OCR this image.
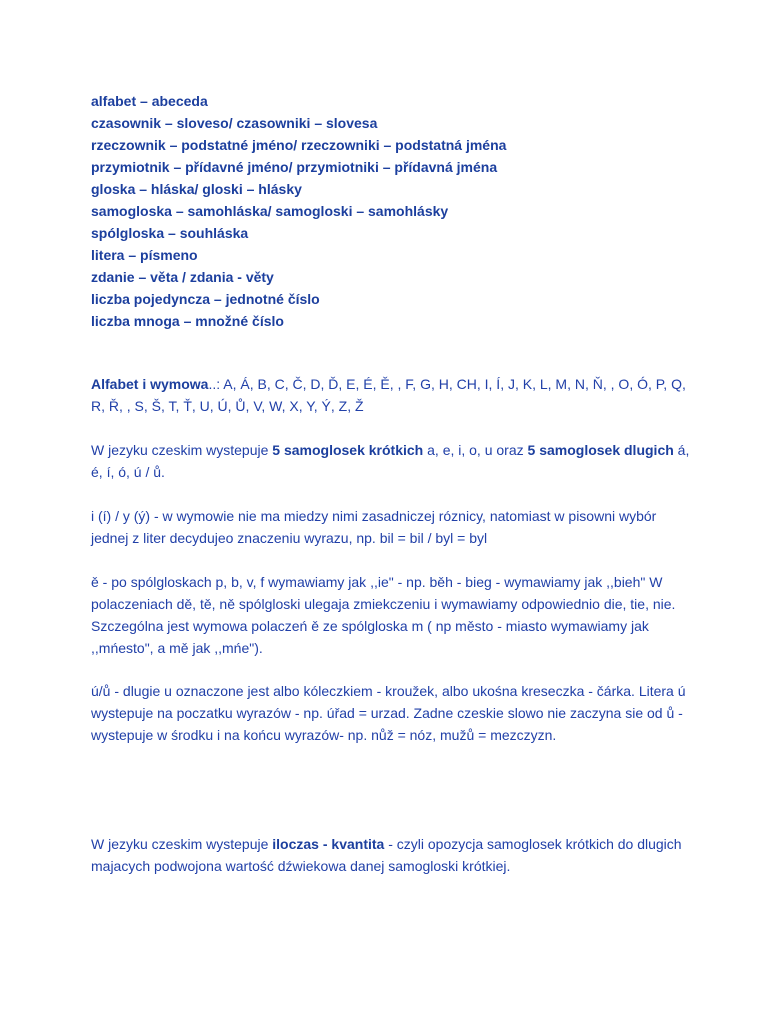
alfabet – abeceda
czasownik – sloveso/ czasowniki – slovesa
rzeczownik – podstatné jméno/ rzeczowniki – podstatná jména
przymiotnik – přídavné jméno/ przymiotniki – přídavná jména
gloska – hláska/ gloski – hlásky
samogloska – samohláska/ samogloski – samohlásky
spólgloska – souhláska
litera – písmeno
zdanie – věta / zdania - věty
liczba pojedyncza – jednotné číslo
liczba mnoga – množné číslo

Alfabet i wymowa..: A, Á, B, C, Č, D, Ď, E, É, Ě, , F, G, H, CH, I, Í, J, K, L, M, N, Ň, , O, Ó, P, Q, R, Ř, , S, Š, T, Ť, U, Ú, Ů, V, W, X, Y, Ý, Z, Ž

W jezyku czeskim wystepuje 5 samoglosek krótkich a, e, i, o, u oraz 5 samoglosek dlugich á, é, í, ó, ú / ů.

i (í) / y (ý) - w wymowie nie ma miedzy nimi zasadniczej róznicy, natomiast w pisowni wybór jednej z liter decydujeo znaczeniu wyrazu, np. bil = bil / byl = byl

ě - po spólgloskach p, b, v, f wymawiamy jak ,,ie" - np. běh - bieg - wymawiamy jak ,,bieh" W polaczeniach dě, tě, ně spólgloski ulegaja zmiekczeniu i wymawiamy odpowiednio die, tie, nie. Szczególna jest wymowa polaczeń ě ze spólgloska m ( np město - miasto wymawiamy jak ,,mńesto", a mě jak ,,mńe").

ú/ů - dlugie u oznaczone jest albo kóleczkiem - kroužek, albo ukośna kreseczka - čárka. Litera ú wystepuje na poczatku wyrazów - np. úřad = urzad. Zadne czeskie slowo nie zaczyna sie od ů - wystepuje w środku i na końcu wyrazów- np. nůž = nóz, mužů = mezczyzn.

W jezyku czeskim wystepuje iloczas - kvantita - czyli opozycja samoglosek krótkich do dlugich majacych podwojona wartość dźwiekowa danej samogloski krótkiej.
